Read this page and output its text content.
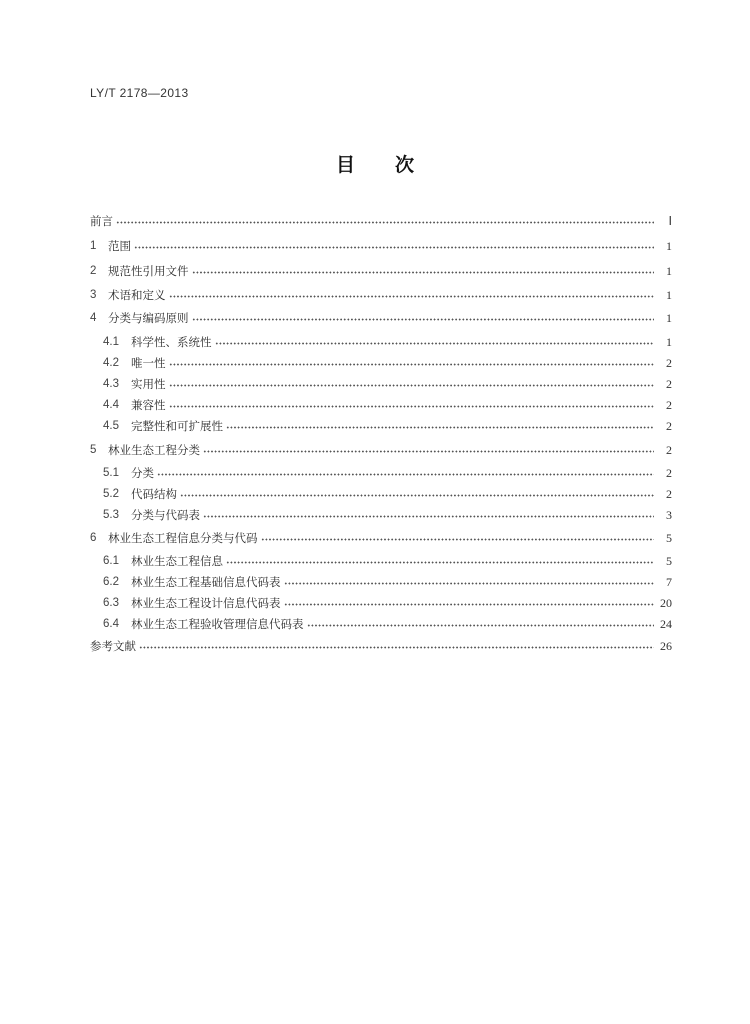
LY/T 2178—2013
目 次
前言	Ⅰ
1	范围	1
2	规范性引用文件	1
3	术语和定义	1
4	分类与编码原则	1
4.1	科学性、系统性	1
4.2	唯一性	2
4.3	实用性	2
4.4	兼容性	2
4.5	完整性和可扩展性	2
5	林业生态工程分类	2
5.1	分类	2
5.2	代码结构	2
5.3	分类与代码表	3
6	林业生态工程信息分类与代码	5
6.1	林业生态工程信息	5
6.2	林业生态工程基础信息代码表	7
6.3	林业生态工程设计信息代码表	20
6.4	林业生态工程验收管理信息代码表	24
参考文献	26
